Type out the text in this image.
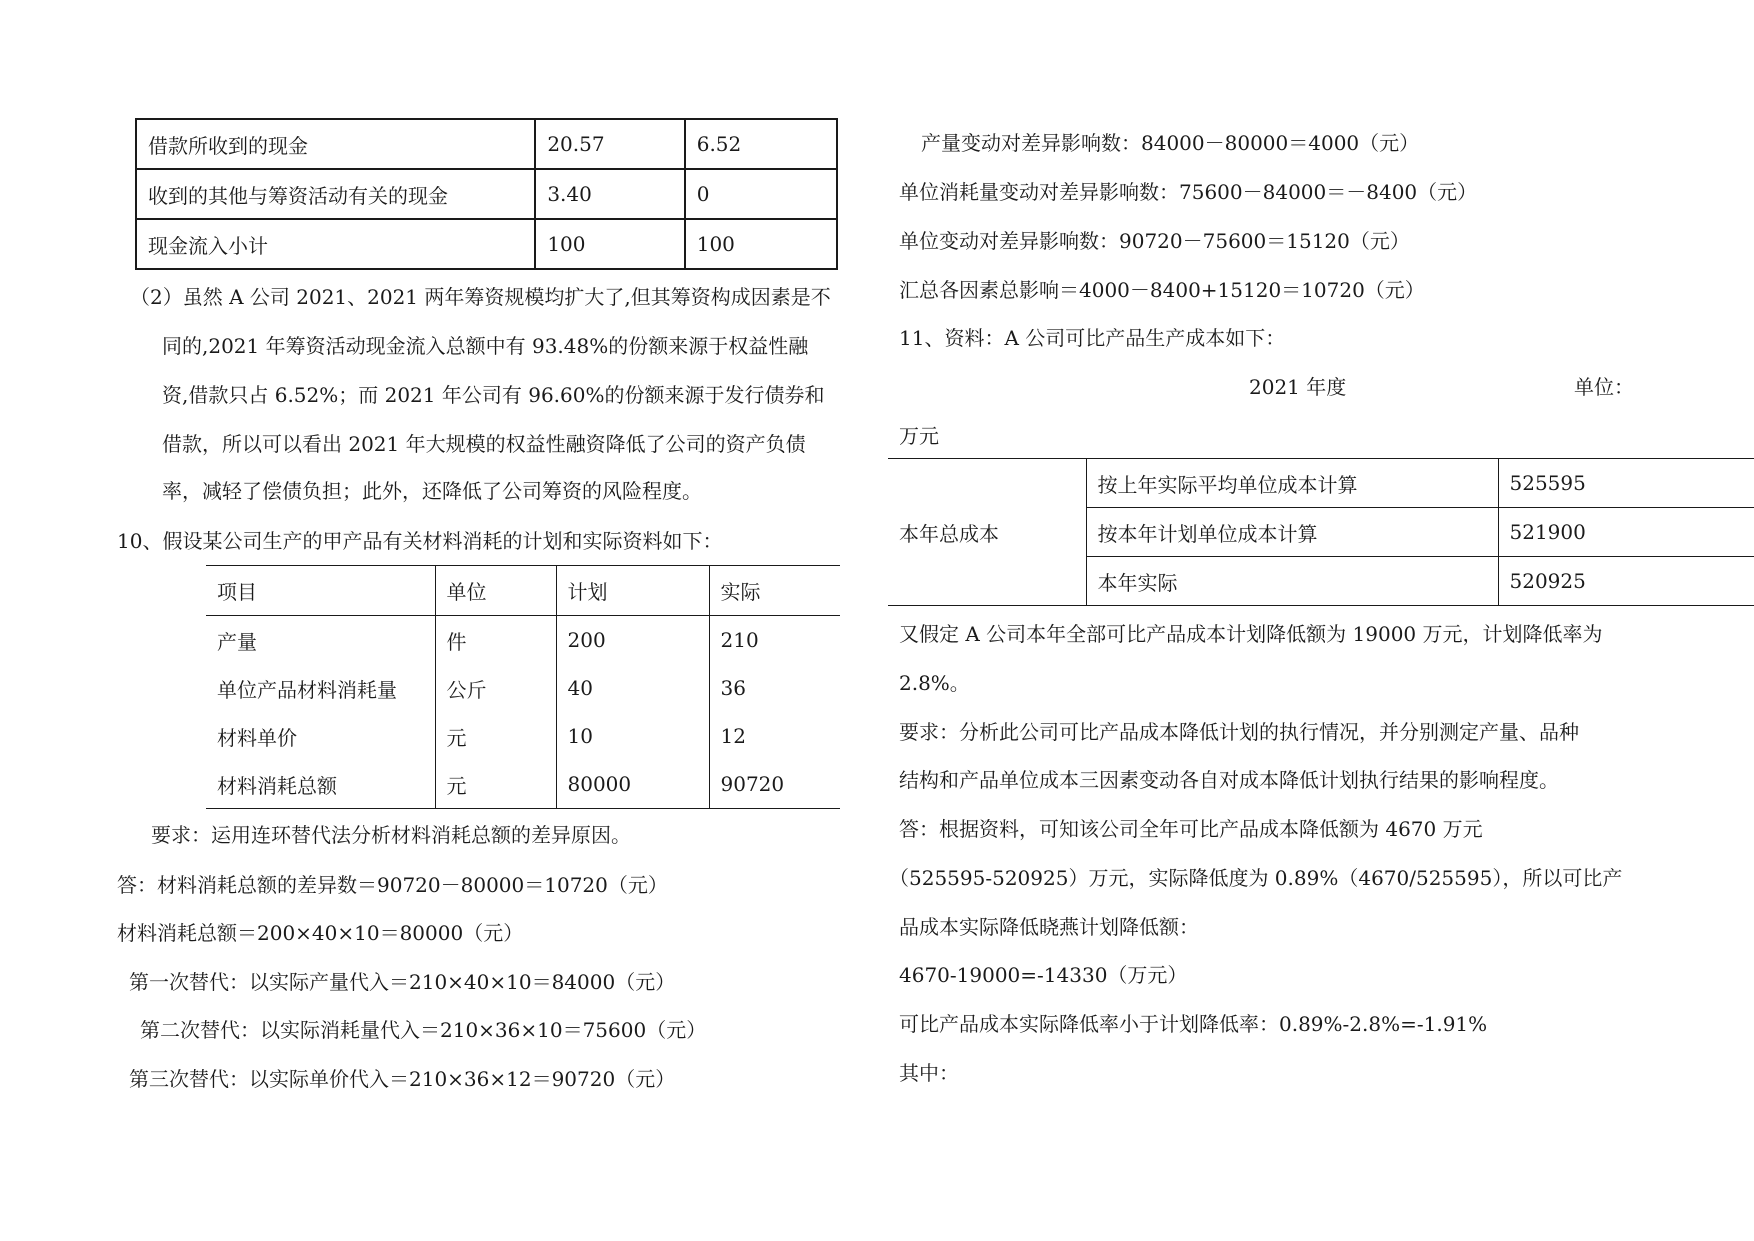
借款所收到的现金	20.57	6.52
收到的其他与筹资活动有关的现金	3.40	0
现金流入小计	100	100
（2）虽然 A 公司 2021、2021 两年筹资规模均扩大了,但其筹资构成因素是不
同的,2021 年筹资活动现金流入总额中有 93.48%的份额来源于权益性融
资,借款只占 6.52%；而 2021 年公司有 96.60%的份额来源于发行债券和
借款，所以可以看出 2021 年大规模的权益性融资降低了公司的资产负债
率，减轻了偿债负担；此外，还降低了公司筹资的风险程度。
10、假设某公司生产的甲产品有关材料消耗的计划和实际资料如下：
项目	单位	计划	实际
产量	件	200	210
单位产品材料消耗量	公斤	40	36
材料单价	元	10	12
材料消耗总额	元	80000	90720
要求：运用连环替代法分析材料消耗总额的差异原因。
答：材料消耗总额的差异数＝90720－80000＝10720（元）
材料消耗总额＝200×40×10＝80000（元）
第一次替代：以实际产量代入＝210×40×10＝84000（元）
第二次替代：以实际消耗量代入＝210×36×10＝75600（元）
第三次替代：以实际单价代入＝210×36×12＝90720（元）
产量变动对差异影响数：84000－80000＝4000（元）
单位消耗量变动对差异影响数：75600－84000＝－8400（元）
单位变动对差异影响数：90720－75600＝15120（元）
汇总各因素总影响＝4000－8400+15120＝10720（元）
11、资料：A 公司可比产品生产成本如下：
2021 年度	单位：
万元
本年总成本	按上年实际平均单位成本计算	525595
	按本年计划单位成本计算	521900
	本年实际	520925
又假定 A 公司本年全部可比产品成本计划降低额为 19000 万元，计划降低率为
2.8%。
要求：分析此公司可比产品成本降低计划的执行情况，并分别测定产量、品种
结构和产品单位成本三因素变动各自对成本降低计划执行结果的影响程度。
答：根据资料，可知该公司全年可比产品成本降低额为 4670 万元
（525595-520925）万元，实际降低度为 0.89%（4670/525595），所以可比产
品成本实际降低晓燕计划降低额：
4670-19000=-14330（万元）
可比产品成本实际降低率小于计划降低率：0.89%-2.8%=-1.91%
其中：
